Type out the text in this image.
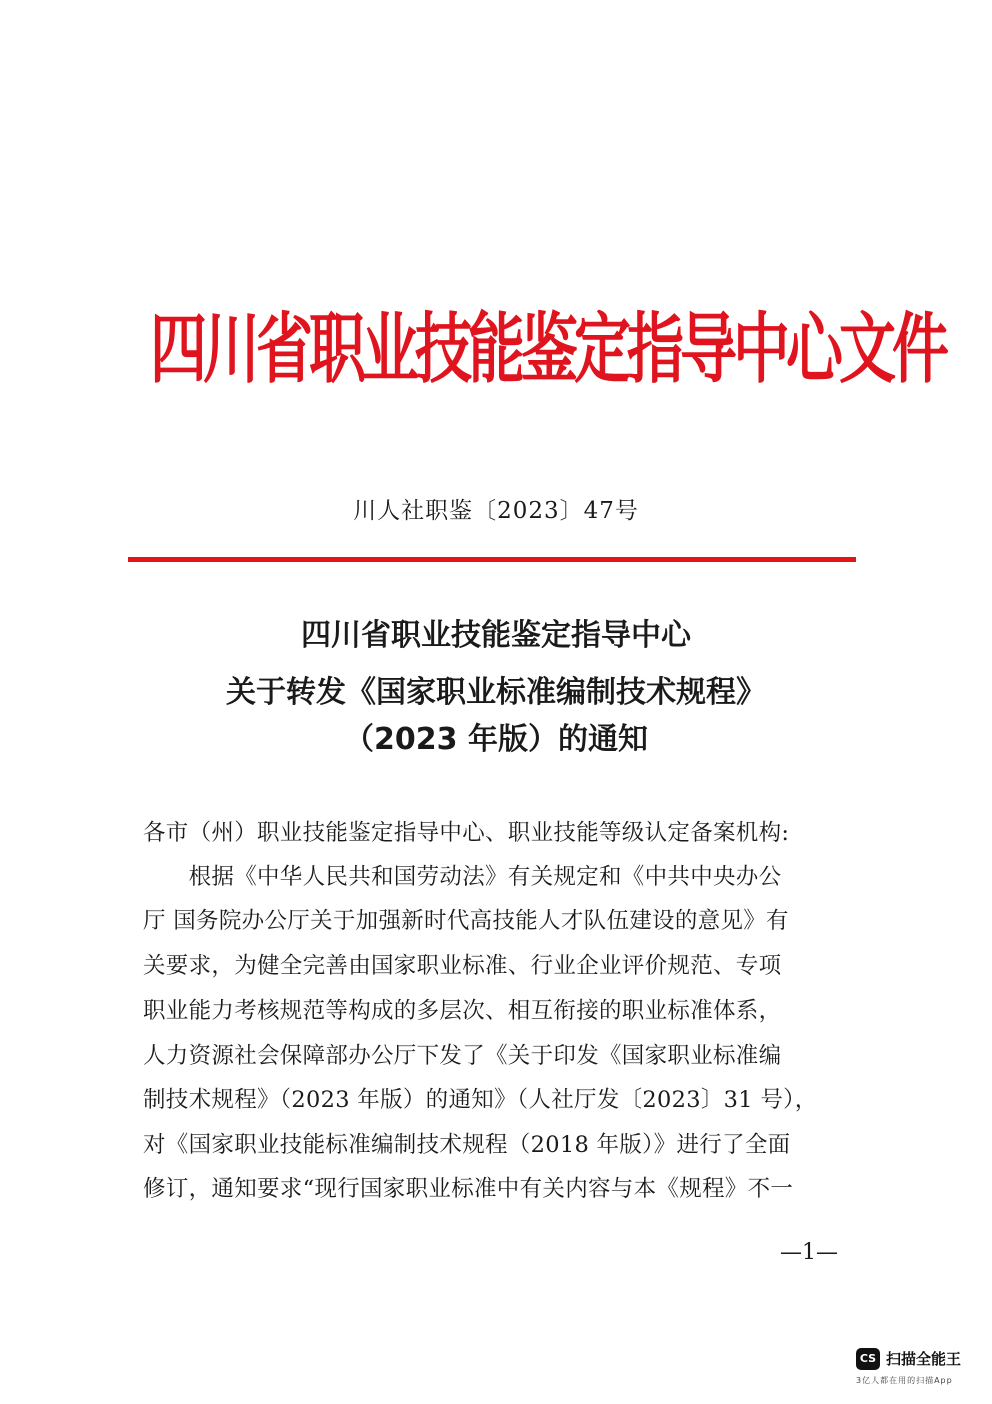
四川省职业技能鉴定指导中心文件
川人社职鉴〔2023〕47号
四川省职业技能鉴定指导中心
关于转发《国家职业标准编制技术规程》
（2023 年版）的通知
各市（州）职业技能鉴定指导中心、职业技能等级认定备案机构:
　　根据《中华人民共和国劳动法》有关规定和《中共中央办公
厅 国务院办公厅关于加强新时代高技能人才队伍建设的意见》有
关要求，为健全完善由国家职业标准、行业企业评价规范、专项
职业能力考核规范等构成的多层次、相互衔接的职业标准体系，
人力资源社会保障部办公厅下发了《关于印发《国家职业标准编
制技术规程》（2023 年版）的通知》（人社厅发〔2023〕31 号），
对《国家职业技能标准编制技术规程（2018 年版）》进行了全面
修订，通知要求“现行国家职业标准中有关内容与本《规程》不一
—1—
CS 扫描全能王
3亿人都在用的扫描App
